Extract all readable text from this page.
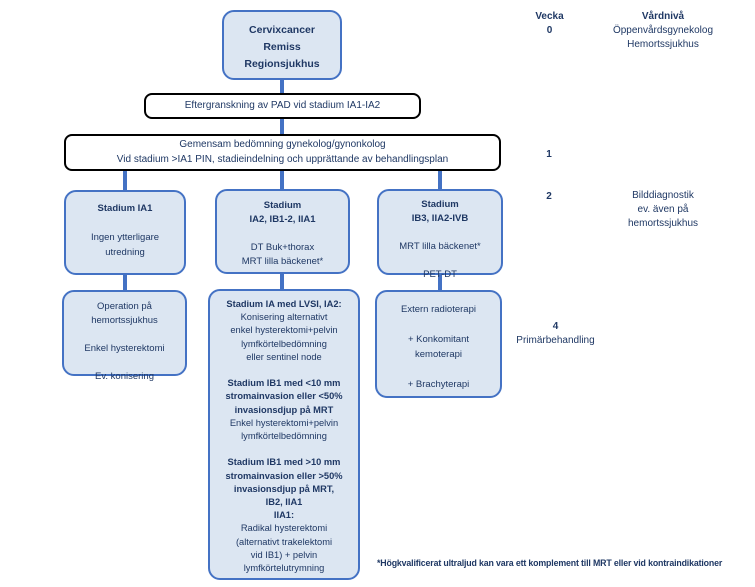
Cervixcancer
Remiss
Regionsjukhus
Eftergranskning av PAD vid stadium IA1-IA2
Gemensam bedömning gynekolog/gynonkolog
Vid stadium >IA1 PIN, stadieindelning och upprättande av behandlingsplan
Stadium IA1

Ingen ytterligare
utredning
Stadium
IA2, IB1-2, IIA1

DT Buk+thorax
MRT lilla bäckenet*
Stadium
IB3, IIA2-IVB

MRT lilla bäckenet*

PET-DT
Operation på
hemortssjukhus

Enkel hysterektomi

Ev. konisering
Stadium IA med LVSI, IA2:
Konisering alternativt
enkel hysterektomi+pelvin
lymfkörtelbedömning
eller sentinel node

Stadium IB1 med <10 mm
stromainvasion eller <50%
invasionsdjup på MRT
Enkel hysterektomi+pelvin
lymfkörtelbedömning

Stadium IB1 med >10 mm
stromainvasion eller >50%
invasionsdjup på MRT,
IB2, IIA1
IIA1:
Radikal hysterektomi
(alternativt trakelektomi
vid IB1) + pelvin
lymfkörtelutrymning
Extern radioterapi

+ Konkomitant
kemoterapi

+ Brachyterapi
Vecka
0
Vårdnivå
Öppenvårdsgynekolog
Hemortssjukhus
1
2	Bilddiagnostik
ev. även på
hemortssjukhus
4
Primärbehandling
*Högkvalificerat ultraljud kan vara ett komplement till MRT eller vid kontraindikationer
